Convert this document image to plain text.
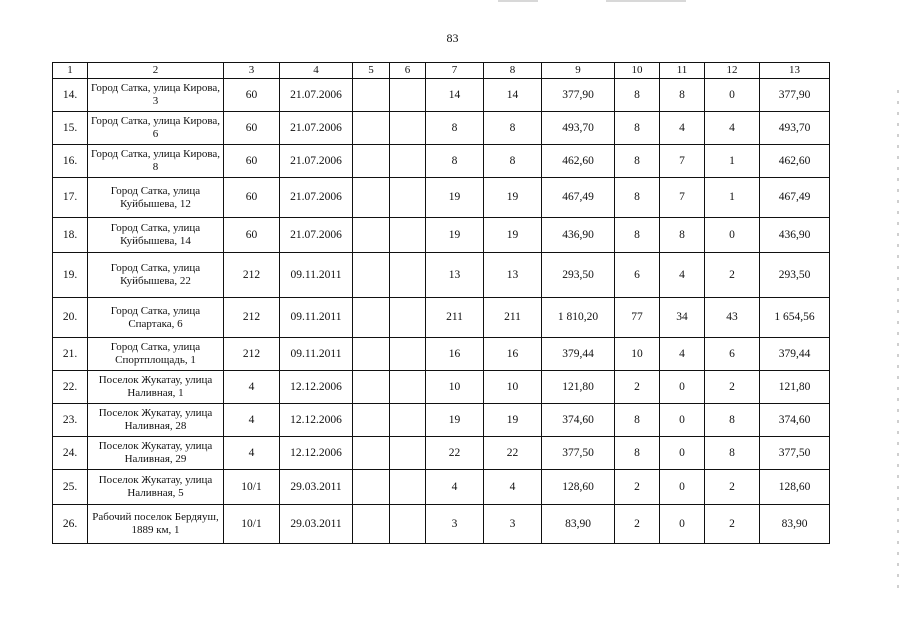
83
1	2	3	4	5	6	7	8	9	10	11	12	13
14.	Город Сатка, улица Кирова, 3	60	21.07.2006			14	14	377,90	8	8	0	377,90
15.	Город Сатка, улица Кирова, 6	60	21.07.2006			8	8	493,70	8	4	4	493,70
16.	Город Сатка, улица Кирова, 8	60	21.07.2006			8	8	462,60	8	7	1	462,60
17.	Город Сатка, улица Куйбышева, 12	60	21.07.2006			19	19	467,49	8	7	1	467,49
18.	Город Сатка, улица Куйбышева, 14	60	21.07.2006			19	19	436,90	8	8	0	436,90
19.	Город Сатка, улица Куйбышева, 22	212	09.11.2011			13	13	293,50	6	4	2	293,50
20.	Город Сатка, улица Спартака, 6	212	09.11.2011			211	211	1 810,20	77	34	43	1 654,56
21.	Город Сатка, улица Спортплощадь, 1	212	09.11.2011			16	16	379,44	10	4	6	379,44
22.	Поселок Жукатау, улица Наливная, 1	4	12.12.2006			10	10	121,80	2	0	2	121,80
23.	Поселок Жукатау, улица Наливная, 28	4	12.12.2006			19	19	374,60	8	0	8	374,60
24.	Поселок Жукатау, улица Наливная, 29	4	12.12.2006			22	22	377,50	8	0	8	377,50
25.	Поселок Жукатау, улица Наливная, 5	10/1	29.03.2011			4	4	128,60	2	0	2	128,60
26.	Рабочий поселок Бердяуш, 1889 км, 1	10/1	29.03.2011			3	3	83,90	2	0	2	83,90
